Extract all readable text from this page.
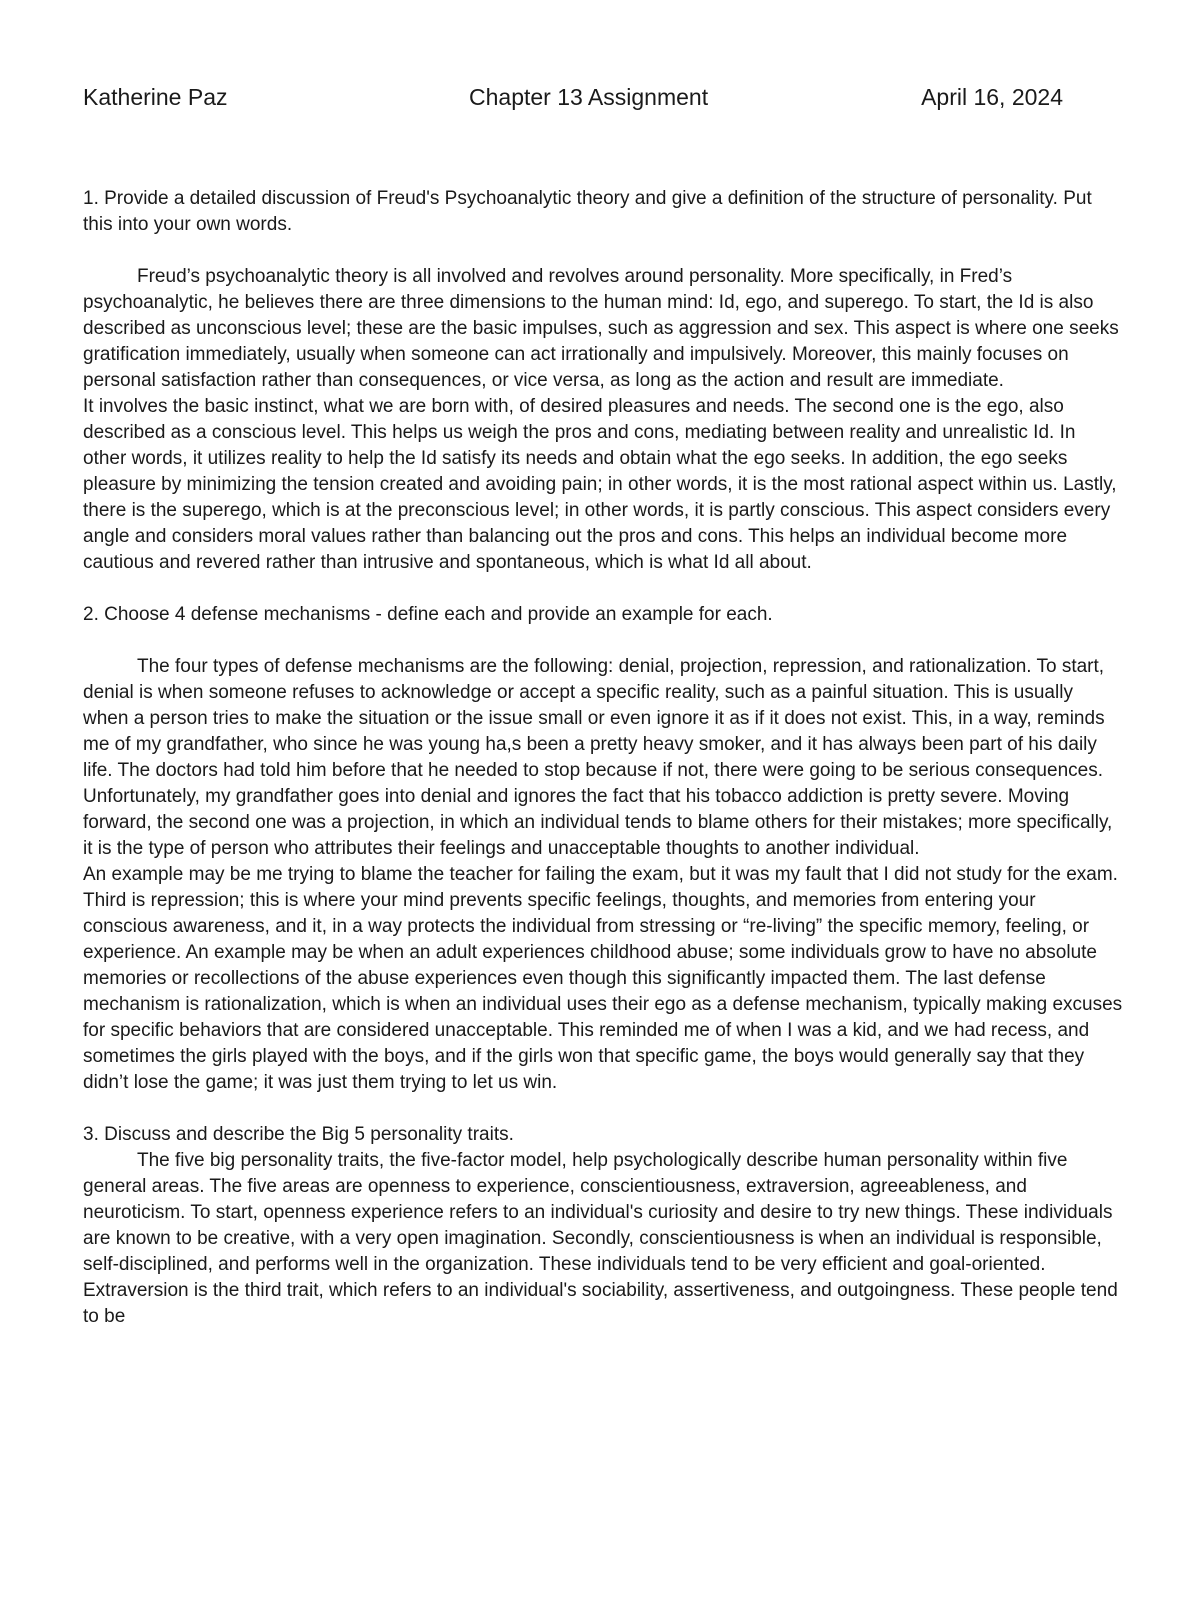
Katherine Paz	Chapter 13 Assignment	April 16, 2024

1. Provide a detailed discussion of Freud's Psychoanalytic theory and give a definition of the structure of personality. Put this into your own words.

Freud’s psychoanalytic theory is all involved and revolves around personality. More specifically, in Fred’s psychoanalytic, he believes there are three dimensions to the human mind: Id, ego, and superego. To start, the Id is also described as unconscious level; these are the basic impulses, such as aggression and sex. This aspect is where one seeks gratification immediately, usually when someone can act irrationally and impulsively. Moreover, this mainly focuses on personal satisfaction rather than consequences, or vice versa, as long as the action and result are immediate.

It involves the basic instinct, what we are born with, of desired pleasures and needs. The second one is the ego, also described as a conscious level. This helps us weigh the pros and cons, mediating between reality and unrealistic Id. In other words, it utilizes reality to help the Id satisfy its needs and obtain what the ego seeks. In addition, the ego seeks pleasure by minimizing the tension created and avoiding pain; in other words, it is the most rational aspect within us. Lastly, there is the superego, which is at the preconscious level; in other words, it is partly conscious. This aspect considers every angle and considers moral values rather than balancing out the pros and cons. This helps an individual become more cautious and revered rather than intrusive and spontaneous, which is what Id all about.

2. Choose 4 defense mechanisms - define each and provide an example for each.

The four types of defense mechanisms are the following: denial, projection, repression, and rationalization. To start, denial is when someone refuses to acknowledge or accept a specific reality, such as a painful situation. This is usually when a person tries to make the situation or the issue small or even ignore it as if it does not exist. This, in a way, reminds me of my grandfather, who since he was young ha,s been a pretty heavy smoker, and it has always been part of his daily life. The doctors had told him before that he needed to stop because if not, there were going to be serious consequences. Unfortunately, my grandfather goes into denial and ignores the fact that his tobacco addiction is pretty severe. Moving forward, the second one was a projection, in which an individual tends to blame others for their mistakes; more specifically, it is the type of person who attributes their feelings and unacceptable thoughts to another individual.

An example may be me trying to blame the teacher for failing the exam, but it was my fault that I did not study for the exam. Third is repression; this is where your mind prevents specific feelings, thoughts, and memories from entering your conscious awareness, and it, in a way protects the individual from stressing or “re-living” the specific memory, feeling, or experience. An example may be when an adult experiences childhood abuse; some individuals grow to have no absolute memories or recollections of the abuse experiences even though this significantly impacted them. The last defense mechanism is rationalization, which is when an individual uses their ego as a defense mechanism, typically making excuses for specific behaviors that are considered unacceptable. This reminded me of when I was a kid, and we had recess, and sometimes the girls played with the boys, and if the girls won that specific game, the boys would generally say that they didn’t lose the game; it was just them trying to let us win.

3. Discuss and describe the Big 5 personality traits.

The five big personality traits, the five-factor model, help psychologically describe human personality within five general areas. The five areas are openness to experience, conscientiousness, extraversion, agreeableness, and neuroticism. To start, openness experience refers to an individual's curiosity and desire to try new things. These individuals are known to be creative, with a very open imagination. Secondly, conscientiousness is when an individual is responsible, self-disciplined, and performs well in the organization. These individuals tend to be very efficient and goal-oriented. Extraversion is the third trait, which refers to an individual's sociability, assertiveness, and outgoingness. These people tend to be
